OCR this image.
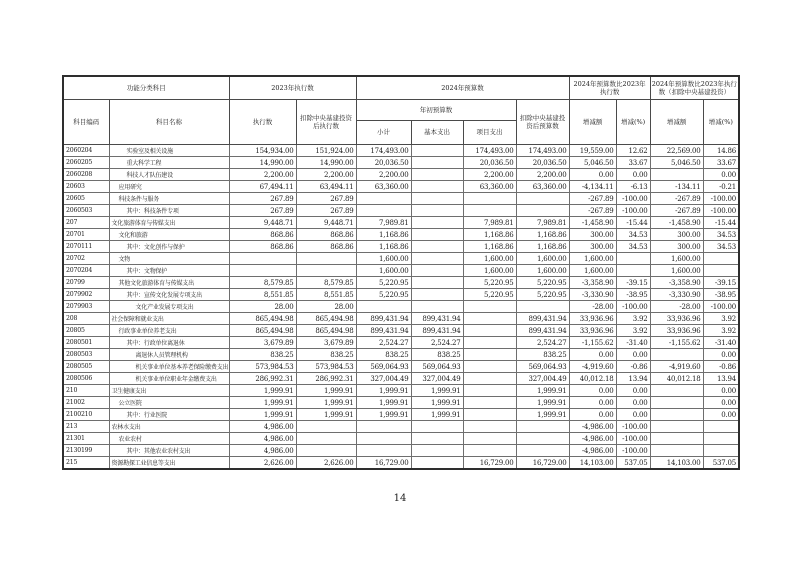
功能分类科目		2023年执行数		2024年预算数				2024年预算数比2023年执行数		2024年预算数比2023年执行数（扣除中央基建投资）	
科目编码	科目名称	执行数	扣除中央基建投资后执行数	年初预算数			扣除中央基建投资后预算数	增减额	增减(%)	增减额	增减(%)
				小计	基本支出	项目支出					
2060204	实验室及相关设施	154,934.00	151,924.00	174,493.00		174,493.00	174,493.00	19,559.00	12.62	22,569.00	14.86
2060205	重大科学工程	14,990.00	14,990.00	20,036.50		20,036.50	20,036.50	5,046.50	33.67	5,046.50	33.67
2060208	科技人才队伍建设	2,200.00	2,200.00	2,200.00		2,200.00	2,200.00	0.00	0.00		0.00
20603	应用研究	67,494.11	63,494.11	63,360.00		63,360.00	63,360.00	-4,134.11	-6.13	-134.11	-0.21
20605	科技条件与服务	267.89	267.89					-267.89	-100.00	-267.89	-100.00
2060503	其中：科技条件专项	267.89	267.89					-267.89	-100.00	-267.89	-100.00
207	文化旅游体育与传媒支出	9,448.71	9,448.71	7,989.81		7,989.81	7,989.81	-1,458.90	-15.44	-1,458.90	-15.44
20701	文化和旅游	868.86	868.86	1,168.86		1,168.86	1,168.86	300.00	34.53	300.00	34.53
2070111	其中：文化创作与保护	868.86	868.86	1,168.86		1,168.86	1,168.86	300.00	34.53	300.00	34.53
20702	文物			1,600.00		1,600.00	1,600.00	1,600.00		1,600.00	
2070204	其中：文物保护			1,600.00		1,600.00	1,600.00	1,600.00		1,600.00	
20799	其他文化旅游体育与传媒支出	8,579.85	8,579.85	5,220.95		5,220.95	5,220.95	-3,358.90	-39.15	-3,358.90	-39.15
2079902	其中：宣传文化发展专项支出	8,551.85	8,551.85	5,220.95		5,220.95	5,220.95	-3,330.90	-38.95	-3,330.90	-38.95
2079903	文化产业发展专项支出	28.00	28.00					-28.00	-100.00	-28.00	-100.00
208	社会保障和就业支出	865,494.98	865,494.98	899,431.94	899,431.94		899,431.94	33,936.96	3.92	33,936.96	3.92
20805	行政事业单位养老支出	865,494.98	865,494.98	899,431.94	899,431.94		899,431.94	33,936.96	3.92	33,936.96	3.92
2080501	其中：行政单位离退休	3,679.89	3,679.89	2,524.27	2,524.27		2,524.27	-1,155.62	-31.40	-1,155.62	-31.40
2080503	离退休人员管理机构	838.25	838.25	838.25	838.25		838.25	0.00	0.00		0.00
2080505	机关事业单位基本养老保险缴费支出	573,984.53	573,984.53	569,064.93	569,064.93		569,064.93	-4,919.60	-0.86	-4,919.60	-0.86
2080506	机关事业单位职业年金缴费支出	286,992.31	286,992.31	327,004.49	327,004.49		327,004.49	40,012.18	13.94	40,012.18	13.94
210	卫生健康支出	1,999.91	1,999.91	1,999.91	1,999.91		1,999.91	0.00	0.00		0.00
21002	公立医院	1,999.91	1,999.91	1,999.91	1,999.91		1,999.91	0.00	0.00		0.00
2100210	其中：行业医院	1,999.91	1,999.91	1,999.91	1,999.91		1,999.91	0.00	0.00		0.00
213	农林水支出	4,986.00						-4,986.00	-100.00		
21301	农业农村	4,986.00						-4,986.00	-100.00		
2130199	其中：其他农业农村支出	4,986.00						-4,986.00	-100.00		
215	资源勘探工业信息等支出	2,626.00	2,626.00	16,729.00		16,729.00	16,729.00	14,103.00	537.05	14,103.00	537.05
14
